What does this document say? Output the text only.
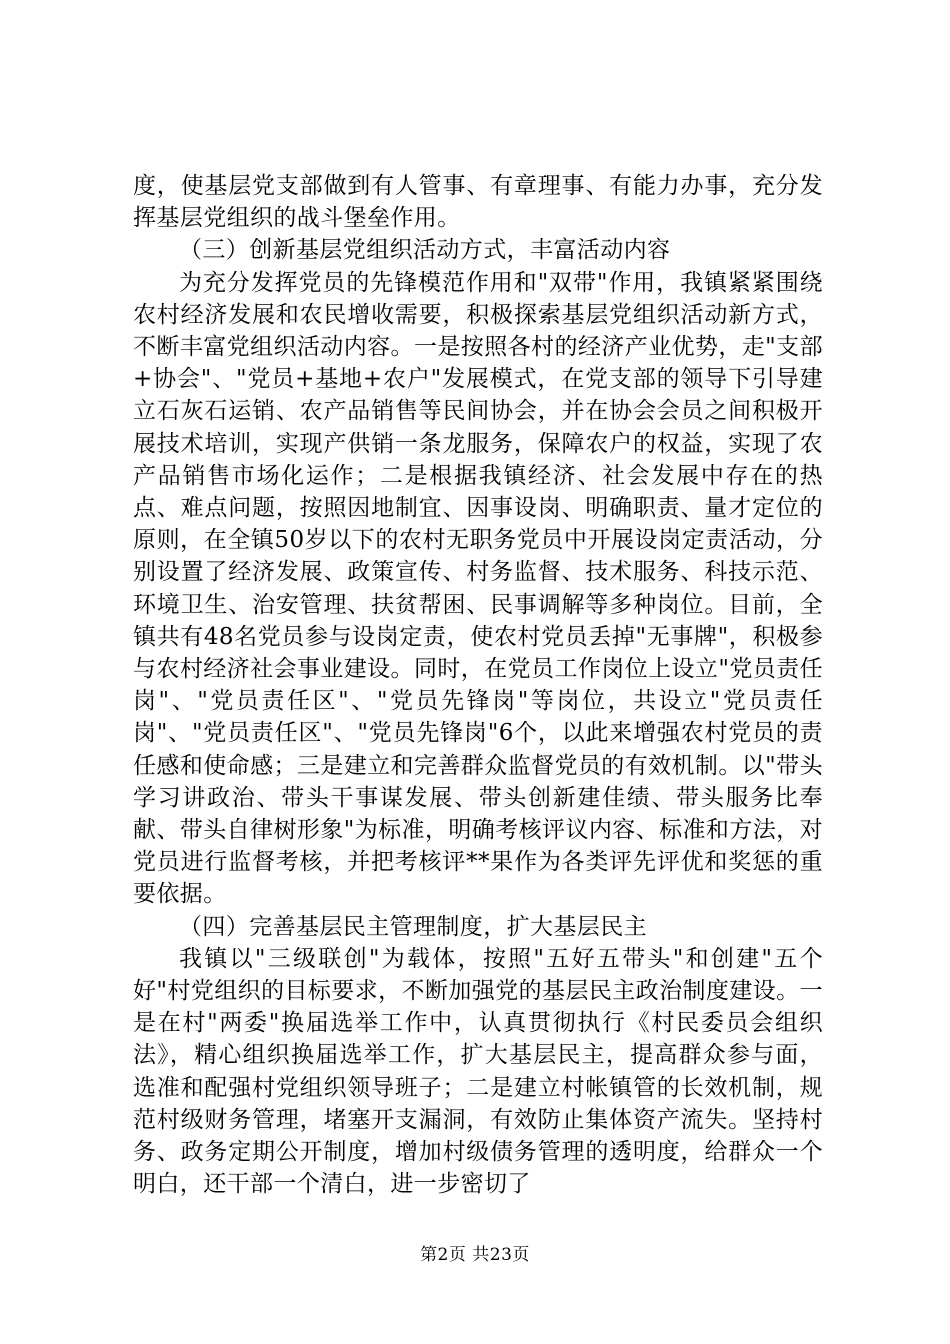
度，使基层党支部做到有人管事、有章理事、有能力办事，充分发挥基层党组织的战斗堡垒作用。

（三）创新基层党组织活动方式，丰富活动内容

为充分发挥党员的先锋模范作用和"双带"作用，我镇紧紧围绕农村经济发展和农民增收需要，积极探索基层党组织活动新方式，不断丰富党组织活动内容。一是按照各村的经济产业优势，走"支部+协会"、"党员+基地+农户"发展模式，在党支部的领导下引导建立石灰石运销、农产品销售等民间协会，并在协会会员之间积极开展技术培训，实现产供销一条龙服务，保障农户的权益，实现了农产品销售市场化运作；二是根据我镇经济、社会发展中存在的热点、难点问题，按照因地制宜、因事设岗、明确职责、量才定位的原则，在全镇50岁以下的农村无职务党员中开展设岗定责活动，分别设置了经济发展、政策宣传、村务监督、技术服务、科技示范、环境卫生、治安管理、扶贫帮困、民事调解等多种岗位。目前，全镇共有48名党员参与设岗定责，使农村党员丢掉"无事牌"，积极参与农村经济社会事业建设。同时，在党员工作岗位上设立"党员责任岗"、"党员责任区"、"党员先锋岗"等岗位，共设立"党员责任岗"、"党员责任区"、"党员先锋岗"6个，以此来增强农村党员的责任感和使命感；三是建立和完善群众监督党员的有效机制。以"带头学习讲政治、带头干事谋发展、带头创新建佳绩、带头服务比奉献、带头自律树形象"为标准，明确考核评议内容、标准和方法，对党员进行监督考核，并把考核评**果作为各类评先评优和奖惩的重要依据。

（四）完善基层民主管理制度，扩大基层民主

我镇以"三级联创"为载体，按照"五好五带头"和创建"五个好"村党组织的目标要求，不断加强党的基层民主政治制度建设。一是在村"两委"换届选举工作中，认真贯彻执行《村民委员会组织法》，精心组织换届选举工作，扩大基层民主，提高群众参与面，选准和配强村党组织领导班子；二是建立村帐镇管的长效机制，规范村级财务管理，堵塞开支漏洞，有效防止集体资产流失。坚持村务、政务定期公开制度，增加村级债务管理的透明度，给群众一个明白，还干部一个清白，进一步密切了

第2页 共23页
